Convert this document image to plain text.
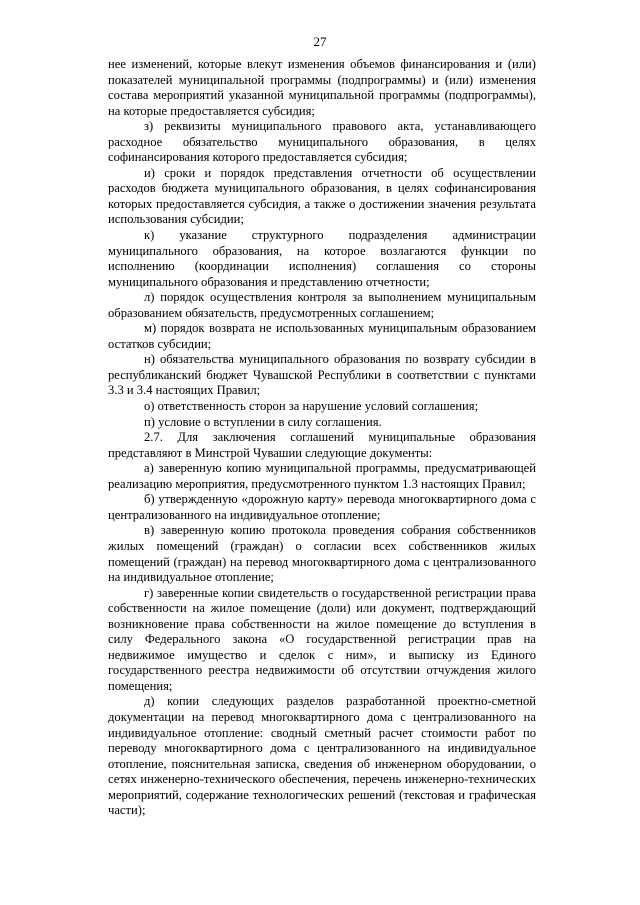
27

нее изменений, которые влекут изменения объемов финансирования и (или) показателей муниципальной программы (подпрограммы) и (или) изменения состава мероприятий указанной муниципальной программы (подпрограммы), на которые предоставляется субсидия;

з) реквизиты муниципального правового акта, устанавливающего расходное обязательство муниципального образования, в целях софинансирования которого предоставляется субсидия;

и) сроки и порядок представления отчетности об осуществлении расходов бюджета муниципального образования, в целях софинансирования которых предоставляется субсидия, а также о достижении значения результата использования субсидии;

к) указание структурного подразделения администрации муниципального образования, на которое возлагаются функции по исполнению (координации исполнения) соглашения со стороны муниципального образования и представлению отчетности;

л) порядок осуществления контроля за выполнением муниципальным образованием обязательств, предусмотренных соглашением;

м) порядок возврата не использованных муниципальным образованием остатков субсидии;

н) обязательства муниципального образования по возврату субсидии в республиканский бюджет Чувашской Республики в соответствии с пунктами 3.3 и 3.4 настоящих Правил;

о) ответственность сторон за нарушение условий соглашения;

п) условие о вступлении в силу соглашения.

2.7. Для заключения соглашений муниципальные образования представляют в Минстрой Чувашии следующие документы:

а) заверенную копию муниципальной программы, предусматривающей реализацию мероприятия, предусмотренного пунктом 1.3 настоящих Правил;

б) утвержденную «дорожную карту» перевода многоквартирного дома с централизованного на индивидуальное отопление;

в) заверенную копию протокола проведения собрания собственников жилых помещений (граждан) о согласии всех собственников жилых помещений (граждан) на перевод многоквартирного дома с централизованного на индивидуальное отопление;

г) заверенные копии свидетельств о государственной регистрации права собственности на жилое помещение (доли) или документ, подтверждающий возникновение права собственности на жилое помещение до вступления в силу Федерального закона «О государственной регистрации прав на недвижимое имущество и сделок с ним», и выписку из Единого государственного реестра недвижимости об отсутствии отчуждения жилого помещения;

д) копии следующих разделов разработанной проектно-сметной документации на перевод многоквартирного дома с централизованного на индивидуальное отопление: сводный сметный расчет стоимости работ по переводу многоквартирного дома с централизованного на индивидуальное отопление, пояснительная записка, сведения об инженерном оборудовании, о сетях инженерно-технического обеспечения, перечень инженерно-технических мероприятий, содержание технологических решений (текстовая и графическая части);
